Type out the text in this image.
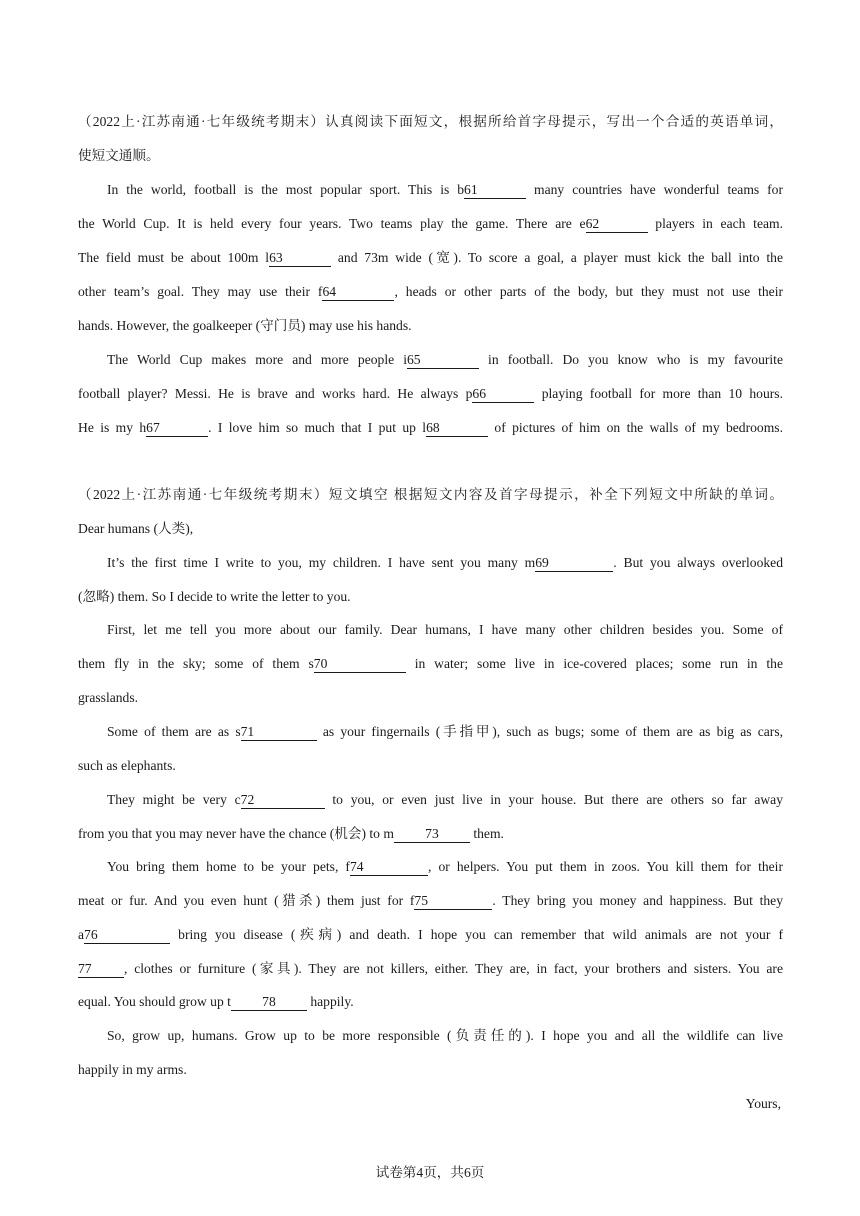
（2022上·江苏南通·七年级统考期末）认真阅读下面短文，根据所给首字母提示，写出一个合适的英语单词，
使短文通顺。
In the world, football is the most popular sport. This is b61	many countries have wonderful teams for
the World Cup. It is held every four years. Two teams play the game. There are e62	players in each team.
The field must be about 100m l63	and 73m wide (宽). To score a goal, a player must kick the ball into the
other team’s goal. They may use their f64	, heads or other parts of the body, but they must not use their
hands. However, the goalkeeper (守门员) may use his hands.
The World Cup makes more and more people i65	in football. Do you know who is my favourite
football player? Messi. He is brave and works hard. He always p66	playing football for more than 10 hours.
He is my h67	. I love him so much that I put up l68	of pictures of him on the walls of my bedrooms.
（2022上·江苏南通·七年级统考期末）短文填空 根据短文内容及首字母提示，补全下列短文中所缺的单词。
Dear humans (人类),
It’s the first time I write to you, my children. I have sent you many m69	. But you always overlooked
(忽略) them. So I decide to write the letter to you.
First, let me tell you more about our family. Dear humans, I have many other children besides you. Some of
them fly in the sky; some of them s70	in water; some live in ice-covered places; some run in the
grasslands.
Some of them are as s71	as your fingernails (手指甲), such as bugs; some of them are as big as cars,
such as elephants.
They might be very c72	to you, or even just live in your house. But there are others so far away
from you that you may never have the chance (机会) to m 73 them.
You bring them home to be your pets, f74	, or helpers. You put them in zoos. You kill them for their
meat or fur. And you even hunt (猎杀) them just for f75	. They bring you money and happiness. But they
a76	bring you disease (疾病) and death. I hope you can remember that wild animals are not your f
77 , clothes or furniture (家具). They are not killers, either. They are, in fact, your brothers and sisters. You are
equal. You should grow up t 78 happily.
So, grow up, humans. Grow up to be more responsible (负责任的). I hope you and all the wildlife can live
happily in my arms.
Yours,
试卷第4页，共6页
